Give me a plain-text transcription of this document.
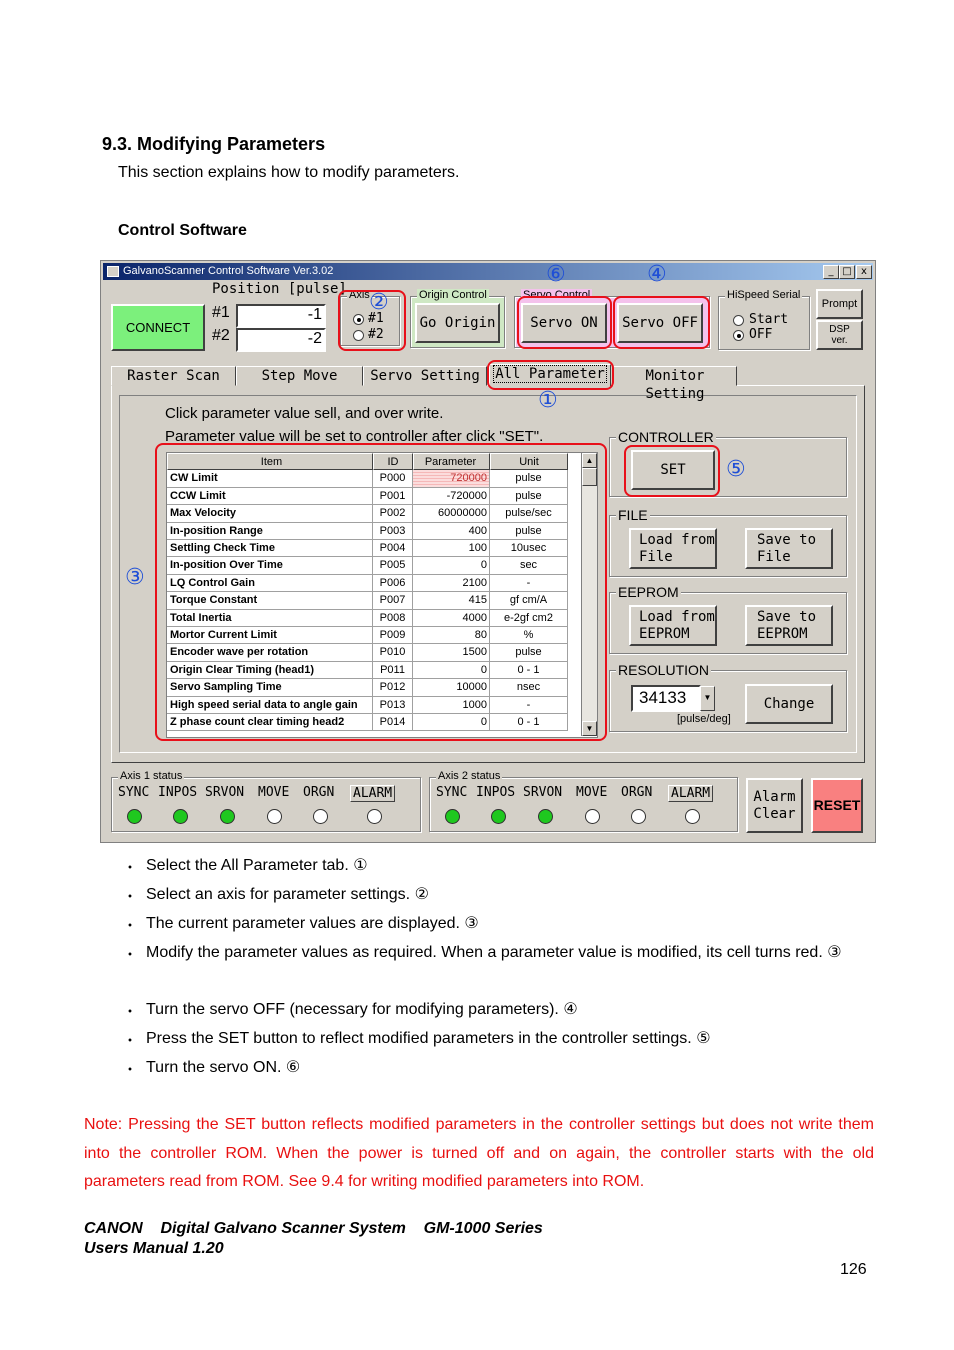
9.3. Modifying Parameters
This section explains how to modify parameters.
Control Software
GalvanoScanner Control Software Ver.3.02	_ □ x
CONNECT
Position [pulse]
#1	-1
#2	-2
Axis
#1
#2
Origin Control
Go Origin
Servo Control
Servo ON	Servo OFF
HiSpeed Serial
Start
OFF
Prompt
DSP
ver.
Raster Scan	Step Move	Servo Setting	All Parameter	Monitor Setting
Click parameter value sell, and over write.
Parameter value will be set to controller after click "SET".
Item	ID	Parameter	Unit
CW Limit	P000	720000	pulse
CCW Limit	P001	-720000	pulse
Max Velocity	P002	60000000	pulse/sec
In-position Range	P003	400	pulse
Settling Check Time	P004	100	10usec
In-position Over Time	P005	0	sec
LQ Control Gain	P006	2100	-
Torque Constant	P007	415	gf cm/A
Total Inertia	P008	4000	e-2gf cm2
Mortor Current Limit	P009	80	%
Encoder wave per rotation	P010	1500	pulse
Origin Clear Timing (head1)	P011	0	0 - 1
Servo Sampling Time	P012	10000	nsec
High speed serial data to angle gain	P013	1000	-
Z phase count clear timing head2	P014	0	0 - 1
▲
▼
CONTROLLER
SET
FILE
Load from
File
Save to
File
EEPROM
Load from
EEPROM
Save to
EEPROM
RESOLUTION
34133	▼
[pulse/deg]
Change
Axis 1 status
SYNC INPOS SRVON MOVE ORGN ALARM
Axis 2 status
SYNC INPOS SRVON MOVE ORGN ALARM	Alarm
Clear
RESET
①
②
③
④
⑤
⑥
・ Select the All Parameter tab. ①
・ Select an axis for parameter settings. ②
・ The current parameter values are displayed. ③
・ Modify the parameter values as required. When a parameter value is modified, its cell turns red. ③
・ Turn the servo OFF (necessary for modifying parameters). ④
・ Press the SET button to reflect modified parameters in the controller settings. ⑤
・ Turn the servo ON. ⑥
Note: Pressing the SET button reflects modified parameters in the controller settings but does not write them into the controller ROM. When the power is turned off and on again, the controller starts with the old parameters read from ROM. See 9.4 for writing modified parameters into ROM.
CANON    Digital Galvano Scanner System    GM-1000 Series
Users Manual 1.20
126
